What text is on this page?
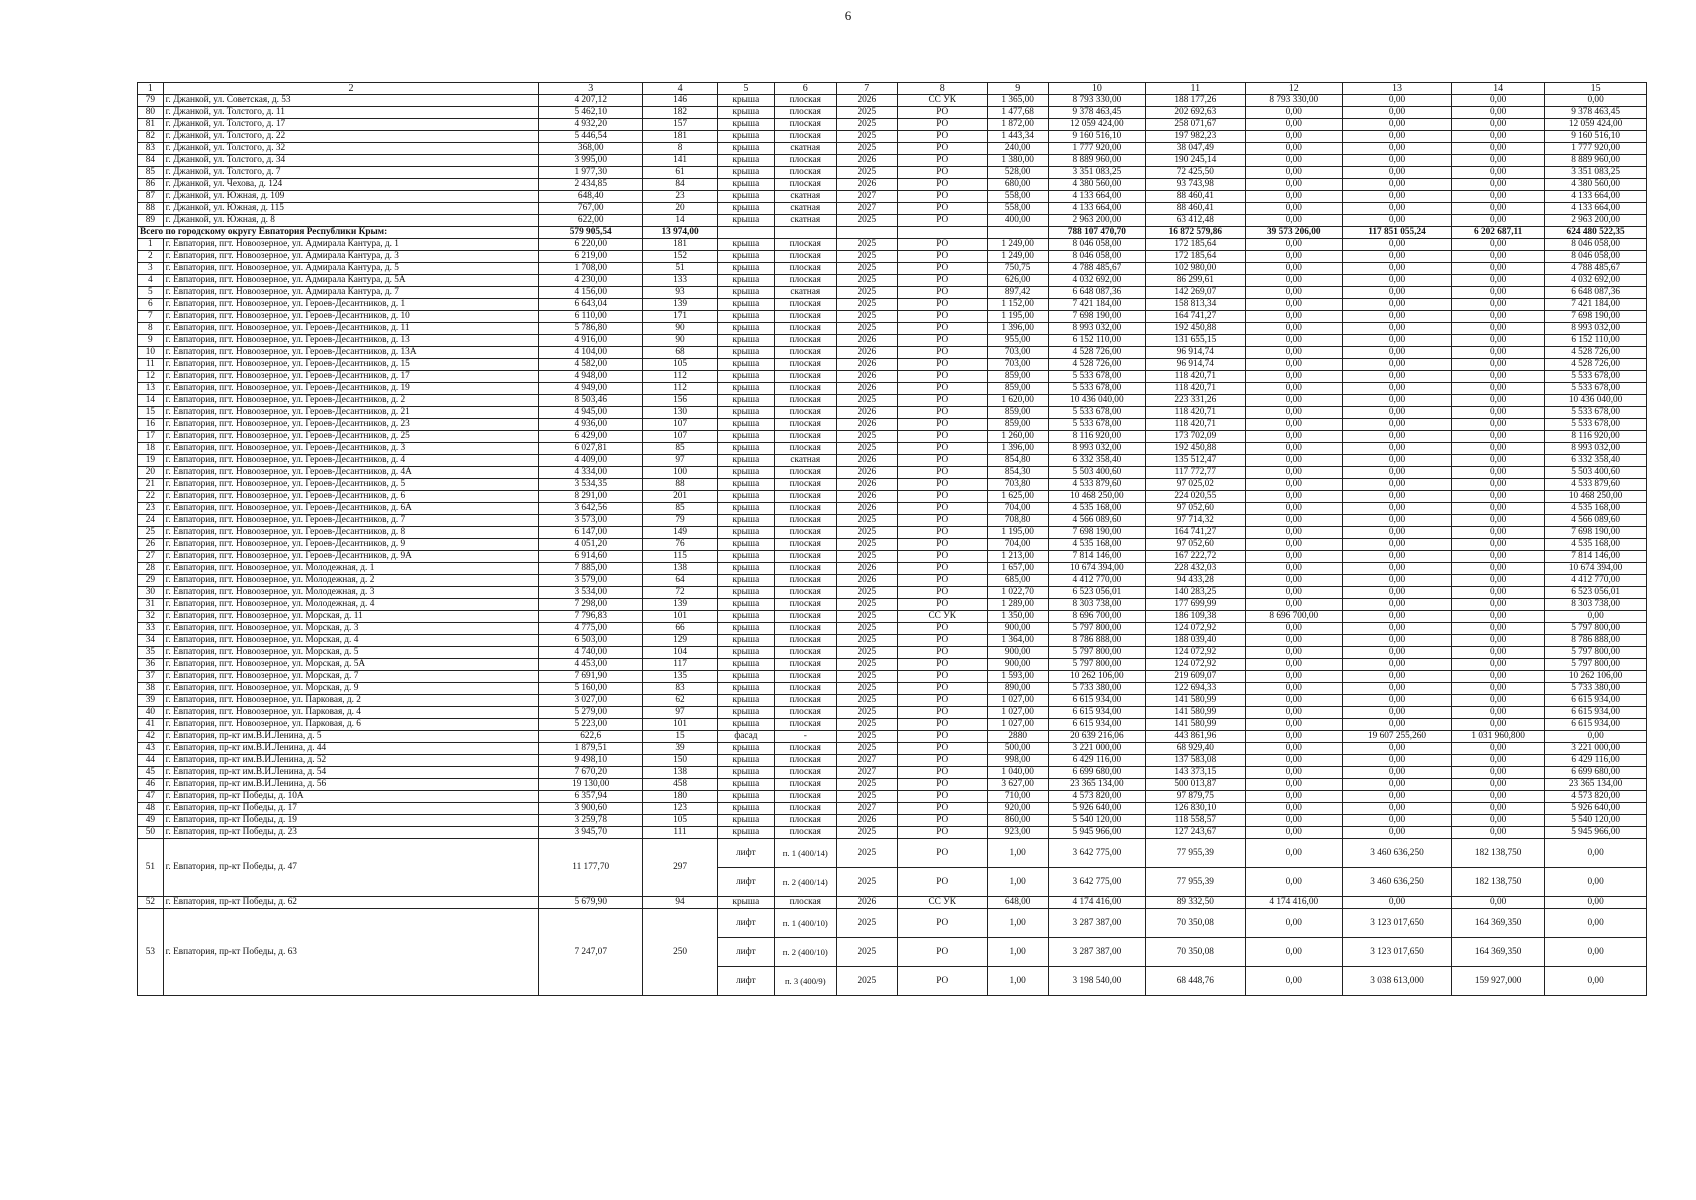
6
1	2	3	4	5	6	7	8	9	10	11	12	13	14	15
79	г. Джанкой, ул. Советская, д. 53	4 207,12	146	крыша	плоская	2026	СС УК	1 365,00	8 793 330,00	188 177,26	8 793 330,00	0,00	0,00	0,00
80	г. Джанкой, ул. Толстого, д. 11	5 462,10	182	крыша	плоская	2025	РО	1 477,68	9 378 463,45	202 692,63	0,00	0,00	0,00	9 378 463,45
81	г. Джанкой, ул. Толстого, д. 17	4 932,20	157	крыша	плоская	2025	РО	1 872,00	12 059 424,00	258 071,67	0,00	0,00	0,00	12 059 424,00
82	г. Джанкой, ул. Толстого, д. 22	5 446,54	181	крыша	плоская	2025	РО	1 443,34	9 160 516,10	197 982,23	0,00	0,00	0,00	9 160 516,10
83	г. Джанкой, ул. Толстого, д. 32	368,00	8	крыша	скатная	2025	РО	240,00	1 777 920,00	38 047,49	0,00	0,00	0,00	1 777 920,00
84	г. Джанкой, ул. Толстого, д. 34	3 995,00	141	крыша	плоская	2026	РО	1 380,00	8 889 960,00	190 245,14	0,00	0,00	0,00	8 889 960,00
85	г. Джанкой, ул. Толстого, д. 7	1 977,30	61	крыша	плоская	2025	РО	528,00	3 351 083,25	72 425,50	0,00	0,00	0,00	3 351 083,25
86	г. Джанкой, ул. Чехова, д. 124	2 434,85	84	крыша	плоская	2026	РО	680,00	4 380 560,00	93 743,98	0,00	0,00	0,00	4 380 560,00
87	г. Джанкой, ул. Южная, д. 109	648,40	23	крыша	скатная	2027	РО	558,00	4 133 664,00	88 460,41	0,00	0,00	0,00	4 133 664,00
88	г. Джанкой, ул. Южная, д. 115	767,00	20	крыша	скатная	2027	РО	558,00	4 133 664,00	88 460,41	0,00	0,00	0,00	4 133 664,00
89	г. Джанкой, ул. Южная, д. 8	622,00	14	крыша	скатная	2025	РО	400,00	2 963 200,00	63 412,48	0,00	0,00	0,00	2 963 200,00
Всего по городскому округу Евпатория Республики Крым:		579 905,54	13 974,00						788 107 470,70	16 872 579,86	39 573 206,00	117 851 055,24	6 202 687,11	624 480 522,35
1	г. Евпатория, пгт. Новоозерное, ул. Адмирала Кантура, д. 1	6 220,00	181	крыша	плоская	2025	РО	1 249,00	8 046 058,00	172 185,64	0,00	0,00	0,00	8 046 058,00
2	г. Евпатория, пгт. Новоозерное, ул. Адмирала Кантура, д. 3	6 219,00	152	крыша	плоская	2025	РО	1 249,00	8 046 058,00	172 185,64	0,00	0,00	0,00	8 046 058,00
3	г. Евпатория, пгт. Новоозерное, ул. Адмирала Кантура, д. 5	1 708,00	51	крыша	плоская	2025	РО	750,75	4 788 485,67	102 980,00	0,00	0,00	0,00	4 788 485,67
4	г. Евпатория, пгт. Новоозерное, ул. Адмирала Кантура, д. 5А	4 230,00	133	крыша	плоская	2025	РО	626,00	4 032 692,00	86 299,61	0,00	0,00	0,00	4 032 692,00
5	г. Евпатория, пгт. Новоозерное, ул. Адмирала Кантура, д. 7	4 156,00	93	крыша	скатная	2025	РО	897,42	6 648 087,36	142 269,07	0,00	0,00	0,00	6 648 087,36
6	г. Евпатория, пгт. Новоозерное, ул. Героев-Десантников, д. 1	6 643,04	139	крыша	плоская	2025	РО	1 152,00	7 421 184,00	158 813,34	0,00	0,00	0,00	7 421 184,00
7	г. Евпатория, пгт. Новоозерное, ул. Героев-Десантников, д. 10	6 110,00	171	крыша	плоская	2025	РО	1 195,00	7 698 190,00	164 741,27	0,00	0,00	0,00	7 698 190,00
8	г. Евпатория, пгт. Новоозерное, ул. Героев-Десантников, д. 11	5 786,80	90	крыша	плоская	2025	РО	1 396,00	8 993 032,00	192 450,88	0,00	0,00	0,00	8 993 032,00
9	г. Евпатория, пгт. Новоозерное, ул. Героев-Десантников, д. 13	4 916,00	90	крыша	плоская	2026	РО	955,00	6 152 110,00	131 655,15	0,00	0,00	0,00	6 152 110,00
10	г. Евпатория, пгт. Новоозерное, ул. Героев-Десантников, д. 13А	4 104,00	68	крыша	плоская	2026	РО	703,00	4 528 726,00	96 914,74	0,00	0,00	0,00	4 528 726,00
11	г. Евпатория, пгт. Новоозерное, ул. Героев-Десантников, д. 15	4 582,00	105	крыша	плоская	2026	РО	703,00	4 528 726,00	96 914,74	0,00	0,00	0,00	4 528 726,00
12	г. Евпатория, пгт. Новоозерное, ул. Героев-Десантников, д. 17	4 948,00	112	крыша	плоская	2026	РО	859,00	5 533 678,00	118 420,71	0,00	0,00	0,00	5 533 678,00
13	г. Евпатория, пгт. Новоозерное, ул. Героев-Десантников, д. 19	4 949,00	112	крыша	плоская	2026	РО	859,00	5 533 678,00	118 420,71	0,00	0,00	0,00	5 533 678,00
14	г. Евпатория, пгт. Новоозерное, ул. Героев-Десантников, д. 2	8 503,46	156	крыша	плоская	2025	РО	1 620,00	10 436 040,00	223 331,26	0,00	0,00	0,00	10 436 040,00
15	г. Евпатория, пгт. Новоозерное, ул. Героев-Десантников, д. 21	4 945,00	130	крыша	плоская	2026	РО	859,00	5 533 678,00	118 420,71	0,00	0,00	0,00	5 533 678,00
16	г. Евпатория, пгт. Новоозерное, ул. Героев-Десантников, д. 23	4 936,00	107	крыша	плоская	2026	РО	859,00	5 533 678,00	118 420,71	0,00	0,00	0,00	5 533 678,00
17	г. Евпатория, пгт. Новоозерное, ул. Героев-Десантников, д. 25	6 429,00	107	крыша	плоская	2025	РО	1 260,00	8 116 920,00	173 702,09	0,00	0,00	0,00	8 116 920,00
18	г. Евпатория, пгт. Новоозерное, ул. Героев-Десантников, д. 3	6 027,81	85	крыша	плоская	2025	РО	1 396,00	8 993 032,00	192 450,88	0,00	0,00	0,00	8 993 032,00
19	г. Евпатория, пгт. Новоозерное, ул. Героев-Десантников, д. 4	4 409,00	97	крыша	скатная	2026	РО	854,80	6 332 358,40	135 512,47	0,00	0,00	0,00	6 332 358,40
20	г. Евпатория, пгт. Новоозерное, ул. Героев-Десантников, д. 4А	4 334,00	100	крыша	плоская	2026	РО	854,30	5 503 400,60	117 772,77	0,00	0,00	0,00	5 503 400,60
21	г. Евпатория, пгт. Новоозерное, ул. Героев-Десантников, д. 5	3 534,35	88	крыша	плоская	2026	РО	703,80	4 533 879,60	97 025,02	0,00	0,00	0,00	4 533 879,60
22	г. Евпатория, пгт. Новоозерное, ул. Героев-Десантников, д. 6	8 291,00	201	крыша	плоская	2026	РО	1 625,00	10 468 250,00	224 020,55	0,00	0,00	0,00	10 468 250,00
23	г. Евпатория, пгт. Новоозерное, ул. Героев-Десантников, д. 6А	3 642,56	85	крыша	плоская	2026	РО	704,00	4 535 168,00	97 052,60	0,00	0,00	0,00	4 535 168,00
24	г. Евпатория, пгт. Новоозерное, ул. Героев-Десантников, д. 7	3 573,00	79	крыша	плоская	2025	РО	708,80	4 566 089,60	97 714,32	0,00	0,00	0,00	4 566 089,60
25	г. Евпатория, пгт. Новоозерное, ул. Героев-Десантников, д. 8	6 147,00	149	крыша	плоская	2025	РО	1 195,00	7 698 190,00	164 741,27	0,00	0,00	0,00	7 698 190,00
26	г. Евпатория, пгт. Новоозерное, ул. Героев-Десантников, д. 9	4 051,20	76	крыша	плоская	2025	РО	704,00	4 535 168,00	97 052,60	0,00	0,00	0,00	4 535 168,00
27	г. Евпатория, пгт. Новоозерное, ул. Героев-Десантников, д. 9А	6 914,60	115	крыша	плоская	2025	РО	1 213,00	7 814 146,00	167 222,72	0,00	0,00	0,00	7 814 146,00
28	г. Евпатория, пгт. Новоозерное, ул. Молодежная, д. 1	7 885,00	138	крыша	плоская	2026	РО	1 657,00	10 674 394,00	228 432,03	0,00	0,00	0,00	10 674 394,00
29	г. Евпатория, пгт. Новоозерное, ул. Молодежная, д. 2	3 579,00	64	крыша	плоская	2026	РО	685,00	4 412 770,00	94 433,28	0,00	0,00	0,00	4 412 770,00
30	г. Евпатория, пгт. Новоозерное, ул. Молодежная, д. 3	3 534,00	72	крыша	плоская	2025	РО	1 022,70	6 523 056,01	140 283,25	0,00	0,00	0,00	6 523 056,01
31	г. Евпатория, пгт. Новоозерное, ул. Молодежная, д. 4	7 298,00	139	крыша	плоская	2025	РО	1 289,00	8 303 738,00	177 699,99	0,00	0,00	0,00	8 303 738,00
32	г. Евпатория, пгт. Новоозерное, ул. Морская, д. 11	7 796,83	101	крыша	плоская	2025	СС УК	1 350,00	8 696 700,00	186 109,38	8 696 700,00	0,00	0,00	0,00
33	г. Евпатория, пгт. Новоозерное, ул. Морская, д. 3	4 775,00	66	крыша	плоская	2025	РО	900,00	5 797 800,00	124 072,92	0,00	0,00	0,00	5 797 800,00
34	г. Евпатория, пгт. Новоозерное, ул. Морская, д. 4	6 503,00	129	крыша	плоская	2025	РО	1 364,00	8 786 888,00	188 039,40	0,00	0,00	0,00	8 786 888,00
35	г. Евпатория, пгт. Новоозерное, ул. Морская, д. 5	4 740,00	104	крыша	плоская	2025	РО	900,00	5 797 800,00	124 072,92	0,00	0,00	0,00	5 797 800,00
36	г. Евпатория, пгт. Новоозерное, ул. Морская, д. 5А	4 453,00	117	крыша	плоская	2025	РО	900,00	5 797 800,00	124 072,92	0,00	0,00	0,00	5 797 800,00
37	г. Евпатория, пгт. Новоозерное, ул. Морская, д. 7	7 691,90	135	крыша	плоская	2025	РО	1 593,00	10 262 106,00	219 609,07	0,00	0,00	0,00	10 262 106,00
38	г. Евпатория, пгт. Новоозерное, ул. Морская, д. 9	5 160,00	83	крыша	плоская	2025	РО	890,00	5 733 380,00	122 694,33	0,00	0,00	0,00	5 733 380,00
39	г. Евпатория, пгт. Новоозерное, ул. Парковая, д. 2	3 027,00	62	крыша	плоская	2025	РО	1 027,00	6 615 934,00	141 580,99	0,00	0,00	0,00	6 615 934,00
40	г. Евпатория, пгт. Новоозерное, ул. Парковая, д. 4	5 279,00	97	крыша	плоская	2025	РО	1 027,00	6 615 934,00	141 580,99	0,00	0,00	0,00	6 615 934,00
41	г. Евпатория, пгт. Новоозерное, ул. Парковая, д. 6	5 223,00	101	крыша	плоская	2025	РО	1 027,00	6 615 934,00	141 580,99	0,00	0,00	0,00	6 615 934,00
42	г. Евпатория, пр-кт им.В.И.Ленина, д. 5	622,6	15	фасад	-	2025	РО	2880	20 639 216,06	443 861,96	0,00	19 607 255,260	1 031 960,800	0,00
43	г. Евпатория, пр-кт им.В.И.Ленина, д. 44	1 879,51	39	крыша	плоская	2025	РО	500,00	3 221 000,00	68 929,40	0,00	0,00	0,00	3 221 000,00
44	г. Евпатория, пр-кт им.В.И.Ленина, д. 52	9 498,10	150	крыша	плоская	2027	РО	998,00	6 429 116,00	137 583,08	0,00	0,00	0,00	6 429 116,00
45	г. Евпатория, пр-кт им.В.И.Ленина, д. 54	7 670,20	138	крыша	плоская	2027	РО	1 040,00	6 699 680,00	143 373,15	0,00	0,00	0,00	6 699 680,00
46	г. Евпатория, пр-кт им.В.И.Ленина, д. 56	19 130,00	458	крыша	плоская	2025	РО	3 627,00	23 365 134,00	500 013,87	0,00	0,00	0,00	23 365 134,00
47	г. Евпатория, пр-кт Победы, д. 10А	6 357,94	180	крыша	плоская	2025	РО	710,00	4 573 820,00	97 879,75	0,00	0,00	0,00	4 573 820,00
48	г. Евпатория, пр-кт Победы, д. 17	3 900,60	123	крыша	плоская	2027	РО	920,00	5 926 640,00	126 830,10	0,00	0,00	0,00	5 926 640,00
49	г. Евпатория, пр-кт Победы, д. 19	3 259,78	105	крыша	плоская	2026	РО	860,00	5 540 120,00	118 558,57	0,00	0,00	0,00	5 540 120,00
50	г. Евпатория, пр-кт Победы, д. 23	3 945,70	111	крыша	плоская	2025	РО	923,00	5 945 966,00	127 243,67	0,00	0,00	0,00	5 945 966,00
51	г. Евпатория, пр-кт Победы, д. 47	11 177,70	297	лифт	п. 1 (400/14)	2025	РО	1,00	3 642 775,00	77 955,39	0,00	3 460 636,250	182 138,750	0,00
				лифт	п. 2 (400/14)	2025	РО	1,00	3 642 775,00	77 955,39	0,00	3 460 636,250	182 138,750	0,00
52	г. Евпатория, пр-кт Победы, д. 62	5 679,90	94	крыша	плоская	2026	СС УК	648,00	4 174 416,00	89 332,50	4 174 416,00	0,00	0,00	0,00
53	г. Евпатория, пр-кт Победы, д. 63	7 247,07	250	лифт	п. 1 (400/10)	2025	РО	1,00	3 287 387,00	70 350,08	0,00	3 123 017,650	164 369,350	0,00
				лифт	п. 2 (400/10)	2025	РО	1,00	3 287 387,00	70 350,08	0,00	3 123 017,650	164 369,350	0,00
				лифт	п. 3 (400/9)	2025	РО	1,00	3 198 540,00	68 448,76	0,00	3 038 613,000	159 927,000	0,00
